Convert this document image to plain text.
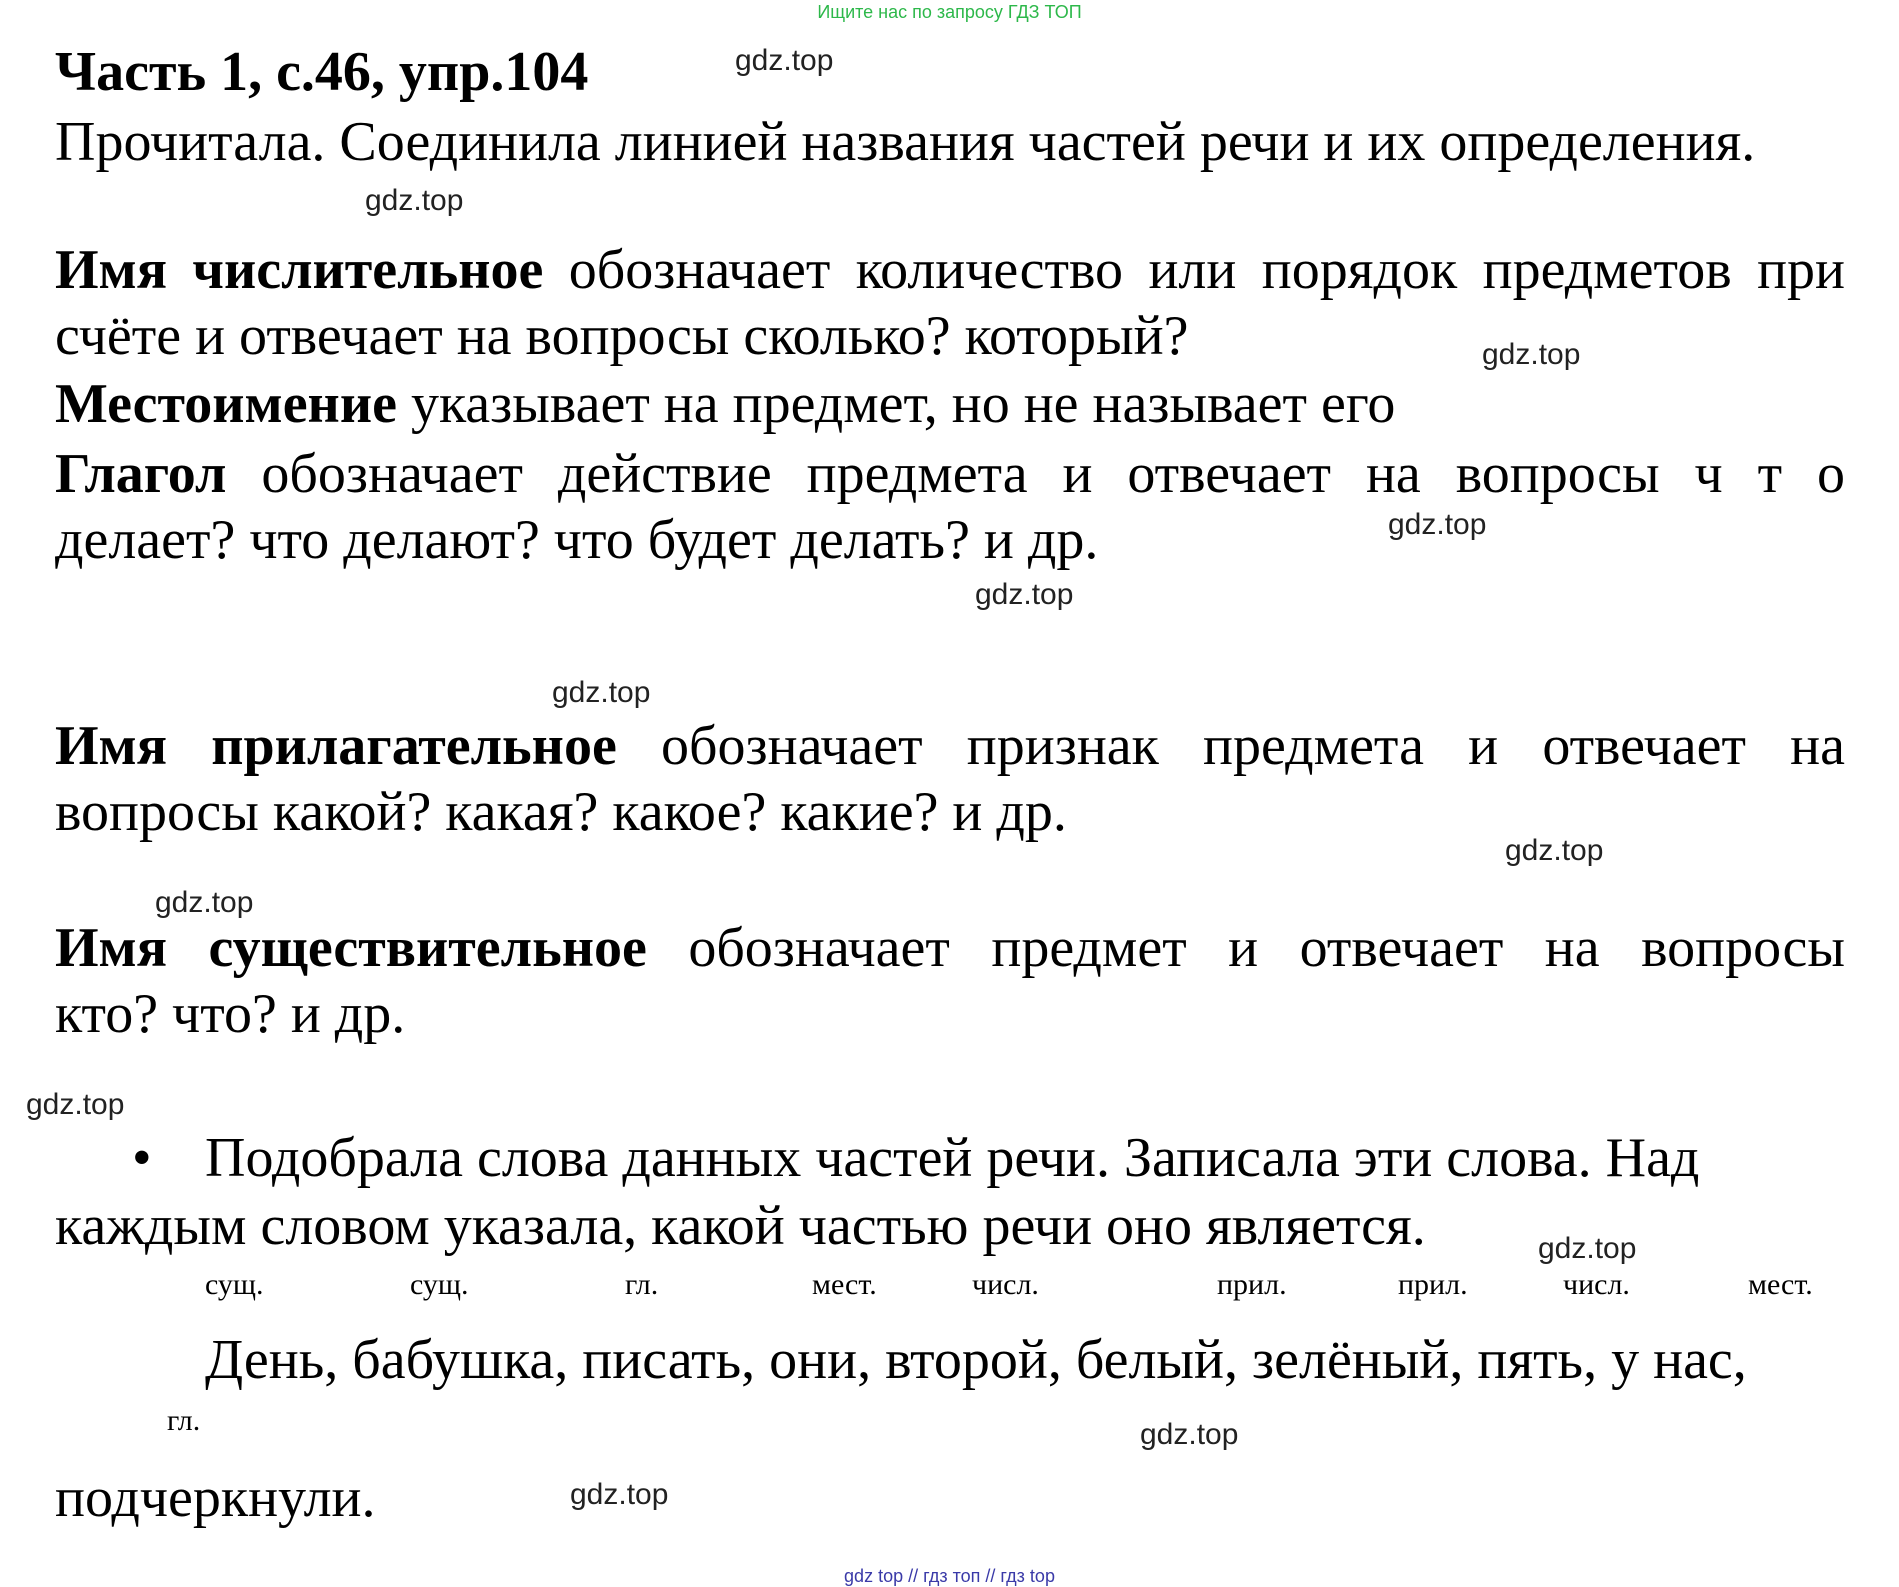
Ищите нас по запросу ГДЗ ТОП
Часть 1, с.46, упр.104
Прочитала. Соединила линией названия частей речи и их определения.
Имя числительное обозначает количество или порядок предметов при
счёте и отвечает на вопросы сколько? который?
Местоимение указывает на предмет, но не называет его
Глагол обозначает действие предмета и отвечает на вопросы ч т о
делает? что делают? что будет делать? и др.
Имя прилагательное обозначает признак предмета и отвечает на
вопросы какой? какая? какое? какие? и др.
Имя существительное обозначает предмет и отвечает на вопросы
кто? что? и др.
• Подобрала слова данных частей речи. Записала эти слова. Над
каждым словом указала, какой частью речи оно является.
сущ.	сущ.	гл.	мест.	числ.	прил.	прил.	числ.	мест.
День, бабушка, писать, они, второй, белый, зелёный, пять, у нас,
гл.
подчеркнули.
gdz.top
gdz.top
gdz.top
gdz.top
gdz.top
gdz.top
gdz.top
gdz.top
gdz.top
gdz.top
gdz.top
gdz.top
gdz top // гдз топ // гдз top
